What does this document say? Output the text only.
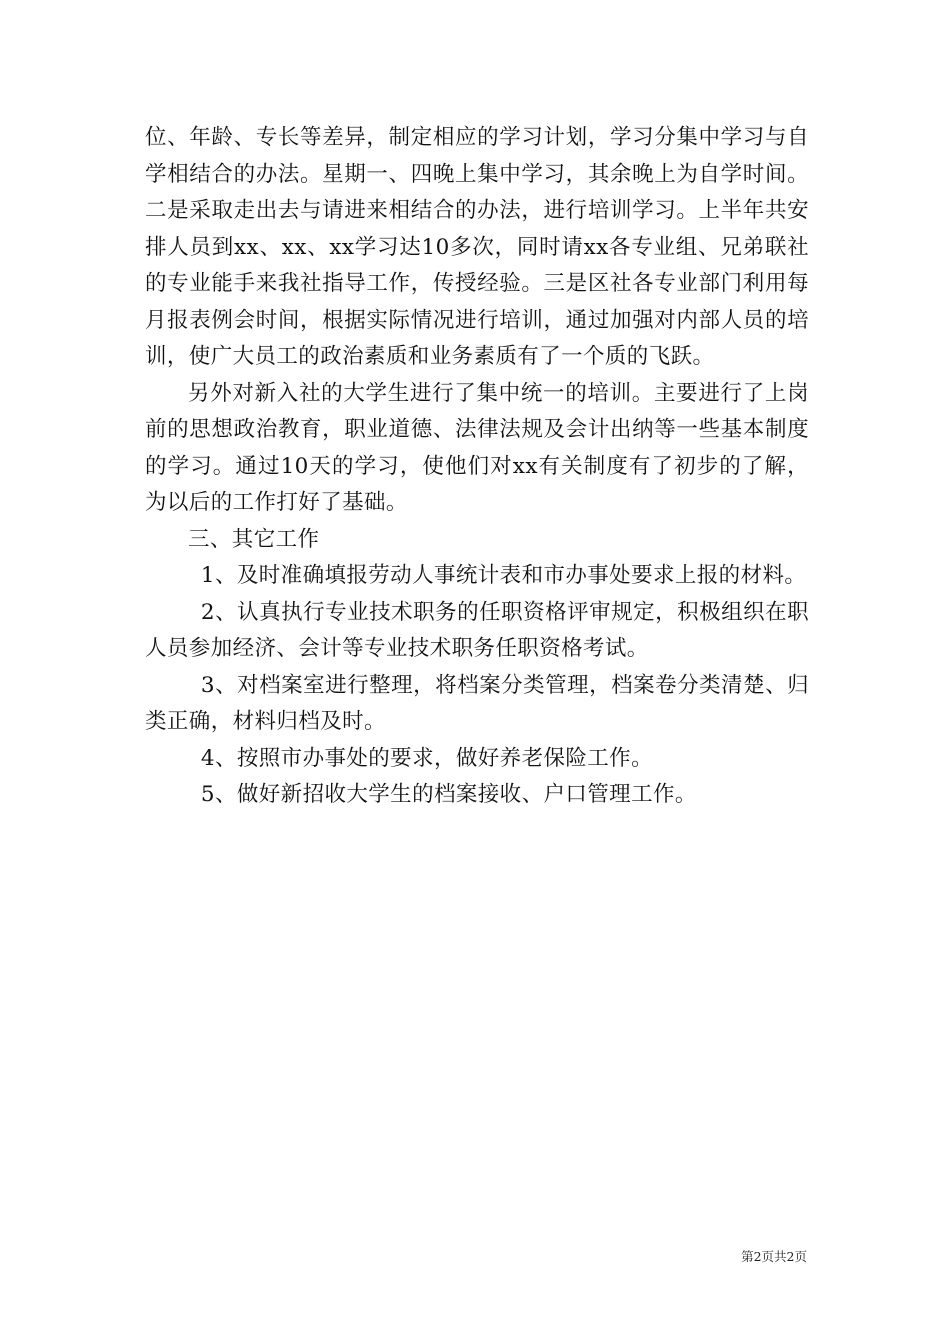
位、年龄、专长等差异，制定相应的学习计划，学习分集中学习与自学相结合的办法。星期一、四晚上集中学习，其余晚上为自学时间。二是采取走出去与请进来相结合的办法，进行培训学习。上半年共安排人员到xx、xx、xx学习达10多次，同时请xx各专业组、兄弟联社的专业能手来我社指导工作，传授经验。三是区社各专业部门利用每月报表例会时间，根据实际情况进行培训，通过加强对内部人员的培训，使广大员工的政治素质和业务素质有了一个质的飞跃。

另外对新入社的大学生进行了集中统一的培训。主要进行了上岗前的思想政治教育，职业道德、法律法规及会计出纳等一些基本制度的学习。通过10天的学习，使他们对xx有关制度有了初步的了解，为以后的工作打好了基础。

三、其它工作

1、及时准确填报劳动人事统计表和市办事处要求上报的材料。

2、认真执行专业技术职务的任职资格评审规定，积极组织在职人员参加经济、会计等专业技术职务任职资格考试。

3、对档案室进行整理，将档案分类管理，档案卷分类清楚、归类正确，材料归档及时。

4、按照市办事处的要求，做好养老保险工作。

5、做好新招收大学生的档案接收、户口管理工作。

第2页共2页
